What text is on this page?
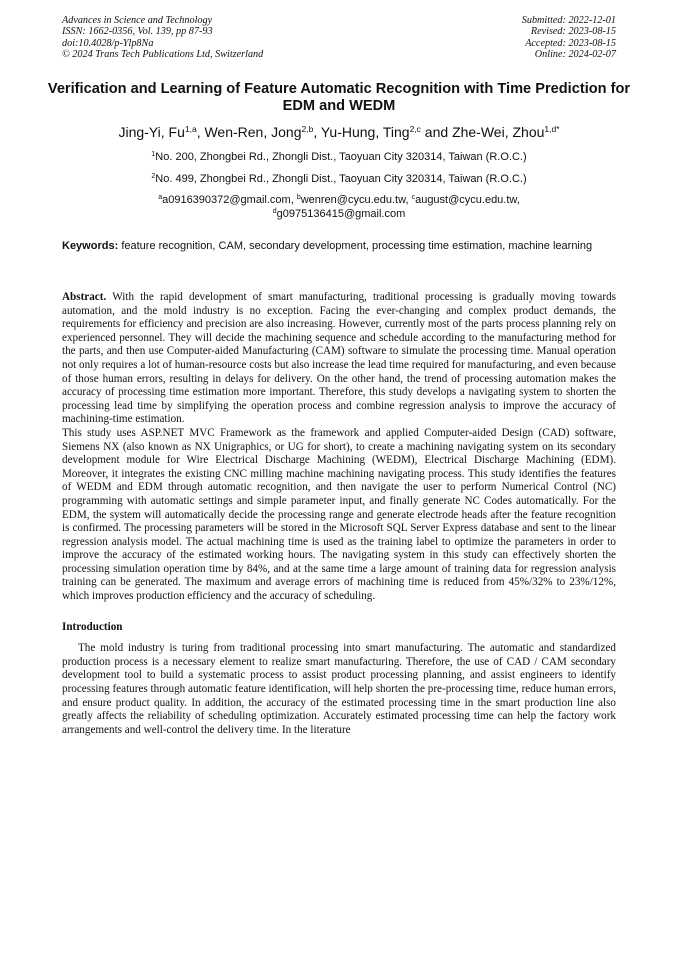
Advances in Science and Technology
ISSN: 1662-0356, Vol. 139, pp 87-93
doi:10.4028/p-Ylp8Na
© 2024 Trans Tech Publications Ltd, Switzerland
Submitted: 2022-12-01
Revised: 2023-08-15
Accepted: 2023-08-15
Online: 2024-02-07
Verification and Learning of Feature Automatic Recognition with Time Prediction for EDM and WEDM
Jing-Yi, Fu$^{1,a}$, Wen-Ren, Jong$^{2,b}$, Yu-Hung, Ting$^{2,c}$ and Zhe-Wei, Zhou$^{1,d*}$
$^1$No. 200, Zhongbei Rd., Zhongli Dist., Taoyuan City 320314, Taiwan (R.O.C.)
$^2$No. 499, Zhongbei Rd., Zhongli Dist., Taoyuan City 320314, Taiwan (R.O.C.)
$^a$a0916390372@gmail.com, $^b$wenren@cycu.edu.tw, $^c$august@cycu.edu.tw,
$^d$g0975136415@gmail.com
Keywords: feature recognition, CAM, secondary development, processing time estimation, machine learning

Abstract. With the rapid development of smart manufacturing, traditional processing is gradually moving towards automation, and the mold industry is no exception. Facing the ever-changing and complex product demands, the requirements for efficiency and precision are also increasing. However, currently most of the parts process planning rely on experienced personnel. They will decide the machining sequence and schedule according to the manufacturing method for the parts, and then use Computer-aided Manufacturing (CAM) software to simulate the processing time. Manual operation not only requires a lot of human-resource costs but also increase the lead time required for manufacturing, and even because of those human errors, resulting in delays for delivery. On the other hand, the trend of processing automation makes the accuracy of processing time estimation more important. Therefore, this study develops a navigating system to shorten the processing lead time by simplifying the operation process and combine regression analysis to improve the accuracy of machining-time estimation.

This study uses ASP.NET MVC Framework as the framework and applied Computer-aided Design (CAD) software, Siemens NX (also known as NX Unigraphics, or UG for short), to create a machining navigating system on its secondary development module for Wire Electrical Discharge Machining (WEDM), Electrical Discharge Machining (EDM). Moreover, it integrates the existing CNC milling machine machining navigating process. This study identifies the features of WEDM and EDM through automatic recognition, and then navigate the user to perform Numerical Control (NC) programming with automatic settings and simple parameter input, and finally generate NC Codes automatically. For the EDM, the system will automatically decide the processing range and generate electrode heads after the feature recognition is confirmed. The processing parameters will be stored in the Microsoft SQL Server Express database and sent to the linear regression analysis model. The actual machining time is used as the training label to optimize the parameters in order to improve the accuracy of the estimated working hours. The navigating system in this study can effectively shorten the processing simulation operation time by 84%, and at the same time a large amount of training data for regression analysis training can be generated. The maximum and average errors of machining time is reduced from 45%/32% to 23%/12%, which improves production efficiency and the accuracy of scheduling.

Introduction

The mold industry is turing from traditional processing into smart manufacturing. The automatic and standardized production process is a necessary element to realize smart manufacturing. Therefore, the use of CAD / CAM secondary development tool to build a systematic process to assist product processing planning, and assist engineers to identify processing features through automatic feature identification, will help shorten the pre-processing time, reduce human errors, and ensure product quality. In addition, the accuracy of the estimated processing time in the smart production line also greatly affects the reliability of scheduling optimization. Accurately estimated processing time can help the factory work arrangements and well-control the delivery time. In the literature
